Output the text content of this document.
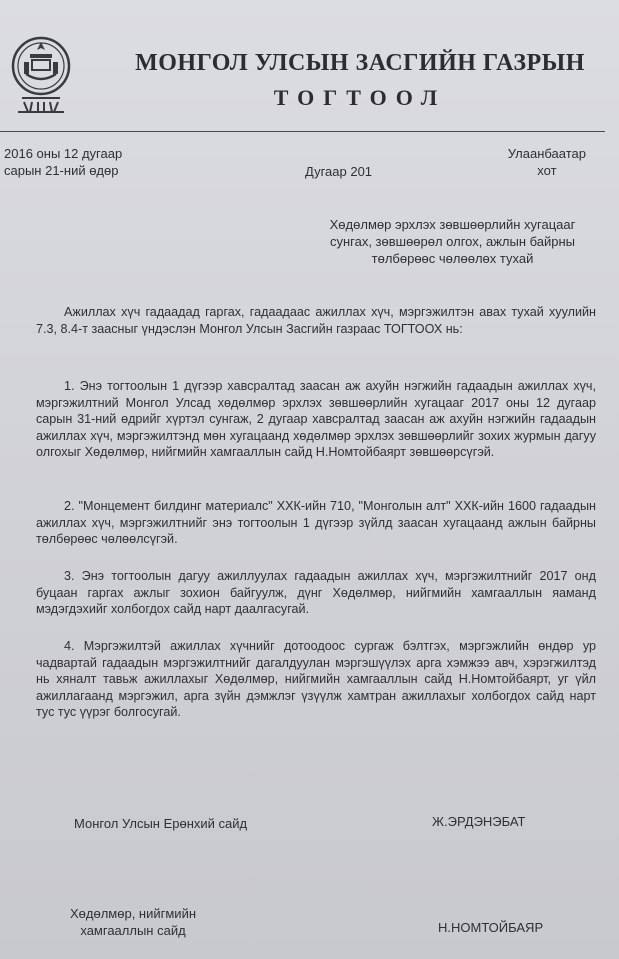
МОНГОЛ УЛСЫН ЗАСГИЙН ГАЗРЫН
ТОГТООЛ
2016 оны 12 дугаар
сарын 21-ний өдөр	Дугаар 201
Улаанбаатар
хот
Хөдөлмөр эрхлэх зөвшөөрлийн хугацааг
сунгах, зөвшөөрөл олгох, ажлын байрны
төлбөрөөс чөлөөлөх тухай

Ажиллах хүч гадаадад гаргах, гадаадаас ажиллах хүч, мэргэжилтэн авах тухай хуулийн 7.3, 8.4-т заасныг үндэслэн Монгол Улсын Засгийн газраас ТОГТООХ нь:

1. Энэ тогтоолын 1 дүгээр хавсралтад заасан аж ахуйн нэгжийн гадаадын ажиллах хүч, мэргэжилтний Монгол Улсад хөдөлмөр эрхлэх зөвшөөрлийн хугацааг 2017 оны 12 дугаар сарын 31-ний өдрийг хүртэл сунгаж, 2 дугаар хавсралтад заасан аж ахуйн нэгжийн гадаадын ажиллах хүч, мэргэжилтэнд мөн хугацаанд хөдөлмөр эрхлэх зөвшөөрлийг зохих журмын дагуу олгохыг Хөдөлмөр, нийгмийн хамгааллын сайд Н.Номтойбаярт зөвшөөрсүгэй.

2. "Монцемент билдинг материалс" ХХК-ийн 710, "Монголын алт" ХХК-ийн 1600 гадаадын ажиллах хүч, мэргэжилтнийг энэ тогтоолын 1 дүгээр зүйлд заасан хугацаанд ажлын байрны төлбөрөөс чөлөөлсүгэй.

3. Энэ тогтоолын дагуу ажиллуулах гадаадын ажиллах хүч, мэргэжилтнийг 2017 онд буцаан гаргах ажлыг зохион байгуулж, дүнг Хөдөлмөр, нийгмийн хамгааллын яаманд мэдэгдэхийг холбогдох сайд нарт даалгасугай.

4. Мэргэжилтэй ажиллах хүчнийг дотоодоос сургаж бэлтгэх, мэргэжлийн өндөр ур чадвартай гадаадын мэргэжилтнийг дагалдуулан мэргэшүүлэх арга хэмжээ авч, хэрэгжилтэд нь хяналт тавьж ажиллахыг Хөдөлмөр, нийгмийн хамгааллын сайд Н.Номтойбаярт, уг үйл ажиллагаанд мэргэжил, арга зүйн дэмжлэг үзүүлж хамтран ажиллахыг холбогдох сайд нарт тус тус үүрэг болгосугай.

Монгол Улсын Ерөнхий сайд	Ж.ЭРДЭНЭБАТ
Хөдөлмөр, нийгмийн
хамгааллын сайд	Н.НОМТОЙБАЯР
